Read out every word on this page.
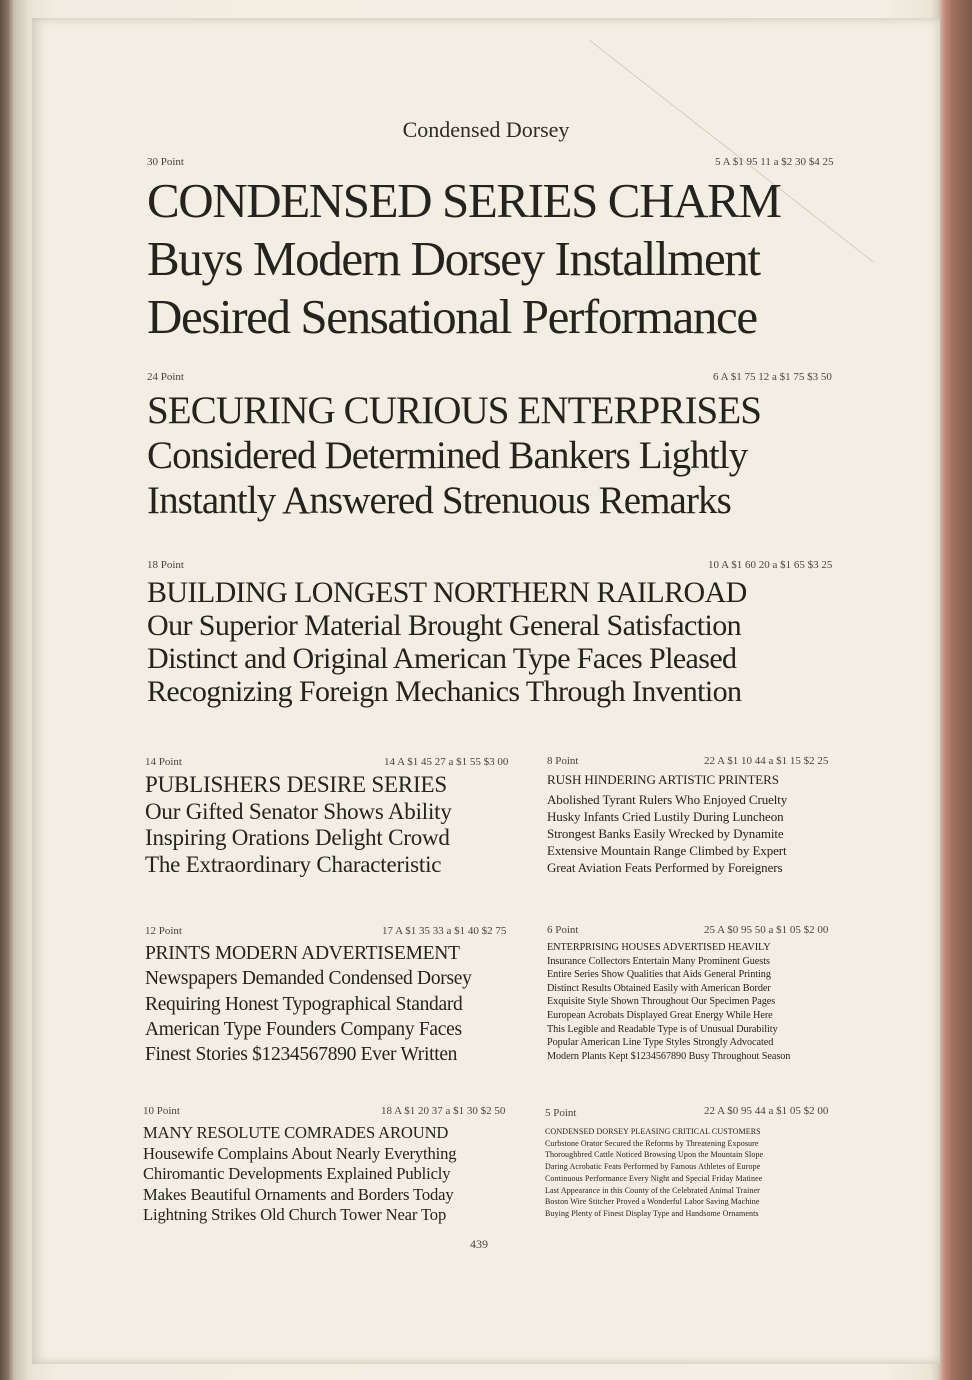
Condensed Dorsey
30 Point	5 A $1 95 11 a $2 30 $4 25
CONDENSED SERIES CHARM
Buys Modern Dorsey Installment
Desired Sensational Performance
24 Point	6 A $1 75 12 a $1 75 $3 50
SECURING CURIOUS ENTERPRISES
Considered Determined Bankers Lightly
Instantly Answered Strenuous Remarks
18 Point	10 A $1 60 20 a $1 65 $3 25
BUILDING LONGEST NORTHERN RAILROAD
Our Superior Material Brought General Satisfaction
Distinct and Original American Type Faces Pleased
Recognizing Foreign Mechanics Through Invention
14 Point	14 A $1 45 27 a $1 55 $3 00
PUBLISHERS DESIRE SERIES
Our Gifted Senator Shows Ability
Inspiring Orations Delight Crowd
The Extraordinary Characteristic
8 Point	22 A $1 10 44 a $1 15 $2 25
RUSH HINDERING ARTISTIC PRINTERS
Abolished Tyrant Rulers Who Enjoyed Cruelty
Husky Infants Cried Lustily During Luncheon
Strongest Banks Easily Wrecked by Dynamite
Extensive Mountain Range Climbed by Expert
Great Aviation Feats Performed by Foreigners
12 Point	17 A $1 35 33 a $1 40 $2 75
PRINTS MODERN ADVERTISEMENT
Newspapers Demanded Condensed Dorsey
Requiring Honest Typographical Standard
American Type Founders Company Faces
Finest Stories $1234567890 Ever Written
6 Point	25 A $0 95 50 a $1 05 $2 00
ENTERPRISING HOUSES ADVERTISED HEAVILY
Insurance Collectors Entertain Many Prominent Guests
Entire Series Show Qualities that Aids General Printing
Distinct Results Obtained Easily with American Border
Exquisite Style Shown Throughout Our Specimen Pages
European Acrobats Displayed Great Energy While Here
This Legible and Readable Type is of Unusual Durability
Popular American Line Type Styles Strongly Advocated
Modern Plants Kept $1234567890 Busy Throughout Season
10 Point	18 A $1 20 37 a $1 30 $2 50
MANY RESOLUTE COMRADES AROUND
Housewife Complains About Nearly Everything
Chiromantic Developments Explained Publicly
Makes Beautiful Ornaments and Borders Today
Lightning Strikes Old Church Tower Near Top
5 Point	22 A $0 95 44 a $1 05 $2 00
CONDENSED DORSEY PLEASING CRITICAL CUSTOMERS
Curbstone Orator Secured the Reforms by Threatening Exposure
Thoroughbred Cattle Noticed Browsing Upon the Mountain Slope
Daring Acrobatic Feats Performed by Famous Athletes of Europe
Continuous Performance Every Night and Special Friday Matinee
Last Appearance in this County of the Celebrated Animal Trainer
Boston Wire Stitcher Proved a Wonderful Labor Saving Machine
Buying Plenty of Finest Display Type and Handsome Ornaments
439
